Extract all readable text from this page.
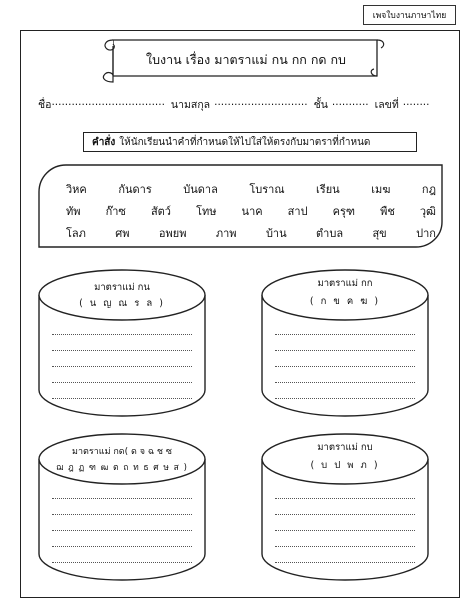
เพจใบงานภาษาไทย
ใบงาน เรื่อง มาตราแม่ กน กก กด กบ
ชื่อ .................................. นามสกุล ............................ ชั้น ........... เลขที่ ........
คำสั่ง ให้นักเรียนนำคำที่กำหนดให้ไปใส่ให้ตรงกับมาตราที่กำหนด
วิหค	กันดาร	บันดาล	โบราณ	เรียน	เมฆ	กฎ
ทัพ ก๊าซ สัตว์ โทษ นาค สาป ครุฑ พืช วุฒิ
โลภ	ศพ	อพยพ	ภาพ	บ้าน	ตำบล	สุข	ปาก
มาตราแม่ กน
( น ญ ณ ร ล )
มาตราแม่ กก
( ก ข ค ฆ )
มาตราแม่ กด( ด จ ฉ ช ซ
ฌ ฎ ฏ ฑ ฒ ต ถ ท ธ ศ ษ ส )
มาตราแม่ กบ
( บ ป พ ภ )
